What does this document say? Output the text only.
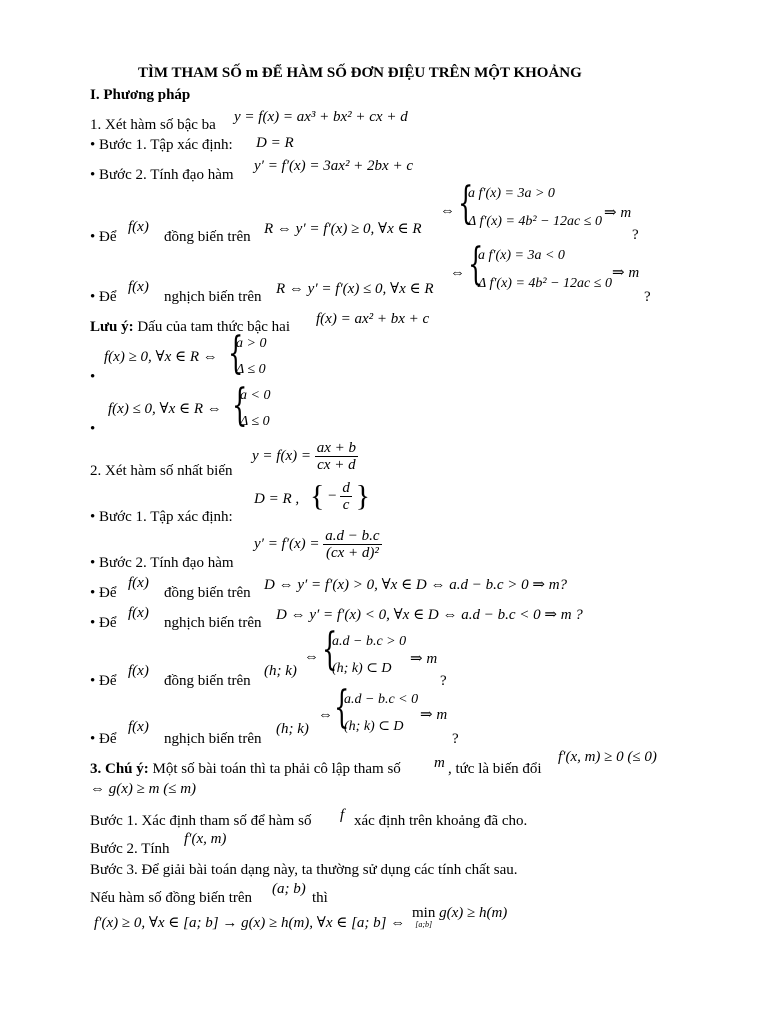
TÌM THAM SỐ m ĐỂ HÀM SỐ ĐƠN ĐIỆU TRÊN MỘT KHOẢNG
I. Phương pháp
1. Xét hàm số bậc ba y = f(x) = ax³ + bx² + cx + d
• Bước 1. Tập xác định: D = R
• Bước 2. Tính đạo hàm
y′ = f′(x) = 3ax² + 2bx + c
• Để
f(x)
đồng biến trên R ⇔ y′ = f′(x) ≥ 0, ∀x ∈ R
⇔ {
a f′(x) = 3a > 0
Δ f′(x) = 4b² − 12ac ≤ 0
⇒ m
?
• Để
f(x)
nghịch biến trên R ⇔ y′ = f′(x) ≤ 0, ∀x ∈ R
⇔ {
a f′(x) = 3a < 0
Δ f′(x) = 4b² − 12ac ≤ 0
⇒ m
?
Lưu ý: Dấu của tam thức bậc hai f(x) = ax² + bx + c
f(x) ≥ 0, ∀x ∈ R ⇔
•	{
a > 0
Δ ≤ 0
f(x) ≤ 0, ∀x ∈ R ⇔
•	{
a < 0
Δ ≤ 0
2. Xét hàm số nhất biến
$y = f(x) = \frac{ax + b}{cx + d}$
D = R , { − $\frac{d}{c}$ }
• Bước 1. Tập xác định:
$y' = f'(x) = \frac{a.d - b.c}{\text{(cx + d)²}}$
• Bước 2. Tính đạo hàm
• Để
f(x)
đồng biến trên D ⇔ y′ = f′(x) > 0, ∀x ∈ D ⇔ a.d − b.c > 0 ⇒ m?
• Để
f(x)
nghịch biến trên D ⇔ y′ = f′(x) < 0, ∀x ∈ D ⇔ a.d − b.c < 0 ⇒ m ?
• Để
f(x)
đồng biến trên
(h; k)
⇔ {
a.d − b.c > 0
(h; k) ⊂ D
⇒ m
?
• Để
f(x)
nghịch biến trên
(h; k)
⇔ {
a.d − b.c < 0
(h; k) ⊂ D
⇒ m
?
3. Chú ý: Một số bài toán thì ta phải cô lập tham số m , tức là biến đổi
f′(x, m) ≥ 0 (≤ 0)
⇔ g(x) ≥ m (≤ m)
Bước 1. Xác định tham số để hàm số f xác định trên khoảng đã cho.
Bước 2. Tính
f′(x, m)
Bước 3. Để giải bài toán dạng này, ta thường sử dụng các tính chất sau.
Nếu hàm số đồng biến trên
(a; b)
thì
f′(x) ≥ 0, ∀x ∈ [a; b] → g(x) ≥ h(m), ∀x ∈ [a; b] ⇔
min
[a;b]
g(x) ≥ h(m)
